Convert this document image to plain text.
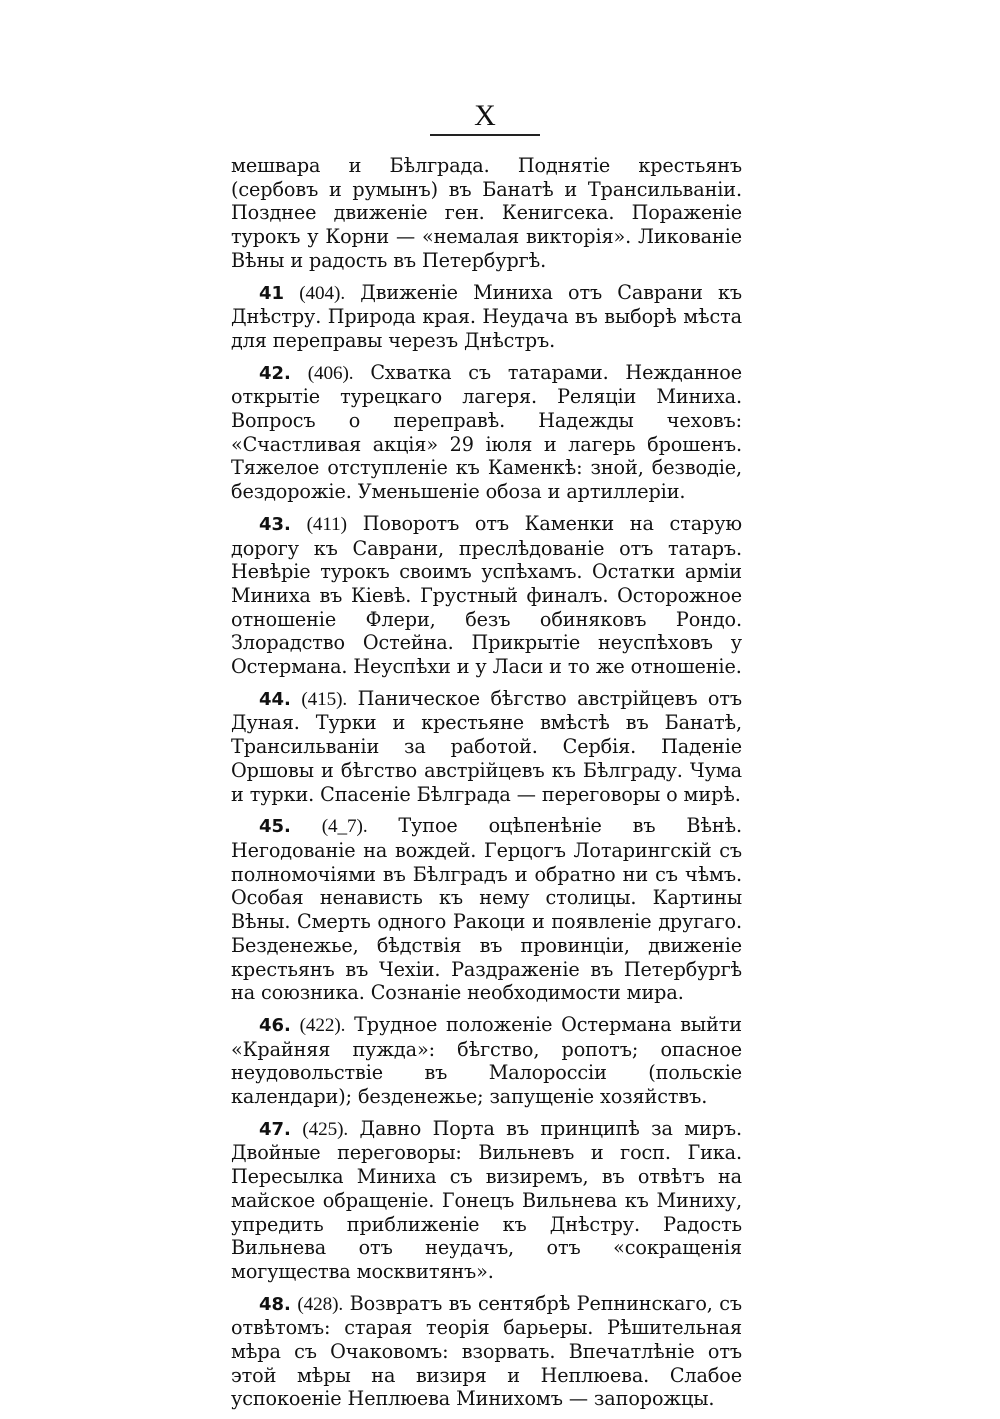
X

мешвара и Бѣлграда. Поднятіе крестьянъ (сербовъ и румынъ) въ Банатѣ и Трансильваніи. Позднее движеніе ген. Кенигсека. Пораженіе турокъ у Корни — «немалая викторія». Ликованіе Вѣны и радость въ Петербургѣ.

41 (404). Движеніе Миниха отъ Саврани къ Днѣстру. Природа края. Неудача въ выборѣ мѣста для переправы черезъ Днѣстръ.

42. (406). Схватка съ татарами. Нежданное открытіе турецкаго лагеря. Реляціи Миниха. Вопросъ о переправѣ. Надежды чеховъ: «Счастливая акція» 29 іюля и лагерь брошенъ. Тяжелое отступленіе къ Каменкѣ: зной, безводіе, бездорожіе. Уменьшеніе обоза и артиллеріи.

43. (411) Поворотъ отъ Каменки на старую дорогу къ Саврани, преслѣдованіе отъ татаръ. Невѣріе турокъ своимъ успѣхамъ. Остатки арміи Миниха въ Кіевѣ. Грустный финалъ. Осторожное отношеніе Флери, безъ обиняковъ Рондо. Злорадство Остейна. Прикрытіе неуспѣховъ у Остермана. Неуспѣхи и у Ласи и то же отношеніе.

44. (415). Паническое бѣгство австрійцевъ отъ Дуная. Турки и крестьяне вмѣстѣ въ Банатѣ, Трансильваніи за работой. Сербія. Паденіе Оршовы и бѣгство австрійцевъ къ Бѣлграду. Чума и турки. Спасеніе Бѣлграда — переговоры о мирѣ.

45. (4_7). Тупое оцѣпенѣніе въ Вѣнѣ. Негодованіе на вождей. Герцогъ Лотарингскій съ полномочіями въ Бѣлградъ и обратно ни съ чѣмъ. Особая ненависть къ нему столицы. Картины Вѣны. Смерть одного Ракоци и появленіе другаго. Безденежье, бѣдствія въ провинціи, движеніе крестьянъ въ Чехіи. Раздраженіе въ Петербургѣ на союзника. Сознаніе необходимости мира.

46. (422). Трудное положеніе Остермана выйти «Крайняя пужда»: бѣгство, ропотъ; опасное неудовольствіе въ Малороссіи (польскіе календари); безденежье; запущеніе хозяйствъ.

47. (425). Давно Порта въ принципѣ за миръ. Двойные переговоры: Вильневъ и госп. Гика. Пересылка Миниха съ визиремъ, въ отвѣтъ на майское обращеніе. Гонецъ Вильнева къ Миниху, упредить приближеніе къ Днѣстру. Радость Вильнева отъ неудачъ, отъ «сокращенія могущества москвитянъ».

48. (428). Возвратъ въ сентябрѣ Репнинскаго, съ отвѣтомъ: старая теорія барьеры. Рѣшительная мѣра съ Очаковомъ: взорвать. Впечатлѣніе отъ этой мѣры на визиря и Неплюева. Слабое успокоеніе Неплюева Минихомъ — запорожцы.
